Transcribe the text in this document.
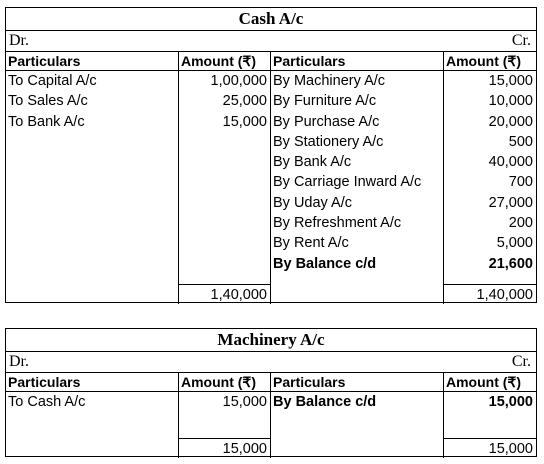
Cash A/c
Dr.	Cr.
Particulars
To Capital A/c
To Sales A/c
To Bank A/c
Amount (₹)
1,00,000
25,000
15,000
1,40,000
Particulars
By Machinery A/c
By Furniture A/c
By Purchase A/c
By Stationery A/c
By Bank A/c
By Carriage Inward A/c
By Uday A/c
By Refreshment A/c
By Rent A/c
By Balance c/d
Amount (₹)
15,000
10,000
20,000
500
40,000
700
27,000
200
5,000
21,600
1,40,000
Machinery A/c
Dr.	Cr.
Particulars
To Cash A/c
Amount (₹)
15,000
15,000
Particulars
By Balance c/d
Amount (₹)
15,000
15,000
